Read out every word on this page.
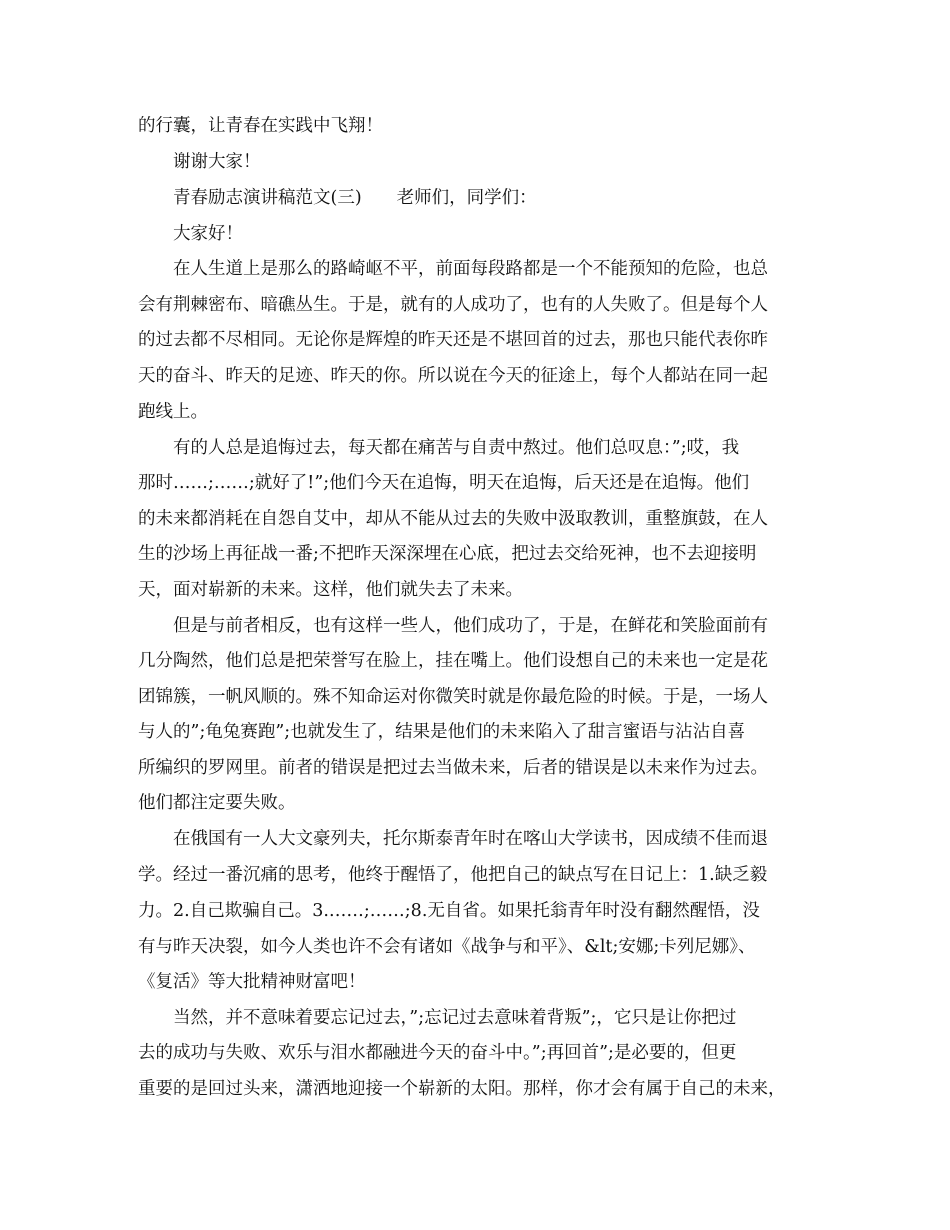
的行囊，让青春在实践中飞翔！
谢谢大家！
青春励志演讲稿范文(三)　　老师们，同学们：
大家好！
在人生道上是那么的路崎岖不平，前面每段路都是一个不能预知的危险，也总
会有荆棘密布、暗礁丛生。于是，就有的人成功了，也有的人失败了。但是每个人
的过去都不尽相同。无论你是辉煌的昨天还是不堪回首的过去，那也只能代表你昨
天的奋斗、昨天的足迹、昨天的你。所以说在今天的征途上，每个人都站在同一起
跑线上。
有的人总是追悔过去，每天都在痛苦与自责中熬过。他们总叹息：”;哎，我
那时……;……;就好了!”;他们今天在追悔，明天在追悔，后天还是在追悔。他们
的未来都消耗在自怨自艾中，却从不能从过去的失败中汲取教训，重整旗鼓，在人
生的沙场上再征战一番;不把昨天深深埋在心底，把过去交给死神，也不去迎接明
天，面对崭新的未来。这样，他们就失去了未来。
但是与前者相反，也有这样一些人，他们成功了，于是，在鲜花和笑脸面前有
几分陶然，他们总是把荣誉写在脸上，挂在嘴上。他们设想自己的未来也一定是花
团锦簇，一帆风顺的。殊不知命运对你微笑时就是你最危险的时候。于是，一场人
与人的”;龟兔赛跑”;也就发生了，结果是他们的未来陷入了甜言蜜语与沾沾自喜
所编织的罗网里。前者的错误是把过去当做未来，后者的错误是以未来作为过去。
他们都注定要失败。
在俄国有一人大文豪列夫，托尔斯泰青年时在喀山大学读书，因成绩不佳而退
学。经过一番沉痛的思考，他终于醒悟了，他把自己的缺点写在日记上：1.缺乏毅
力。2.自己欺骗自己。3.……;……;8.无自省。如果托翁青年时没有翻然醒悟，没
有与昨天决裂，如今人类也许不会有诸如《战争与和平》、&lt;安娜;卡列尼娜》、
《复活》等大批精神财富吧！
当然，并不意味着要忘记过去，”;忘记过去意味着背叛”;，它只是让你把过
去的成功与失败、欢乐与泪水都融进今天的奋斗中。”;再回首”;是必要的，但更
重要的是回过头来，潇洒地迎接一个崭新的太阳。那样，你才会有属于自己的未来，
